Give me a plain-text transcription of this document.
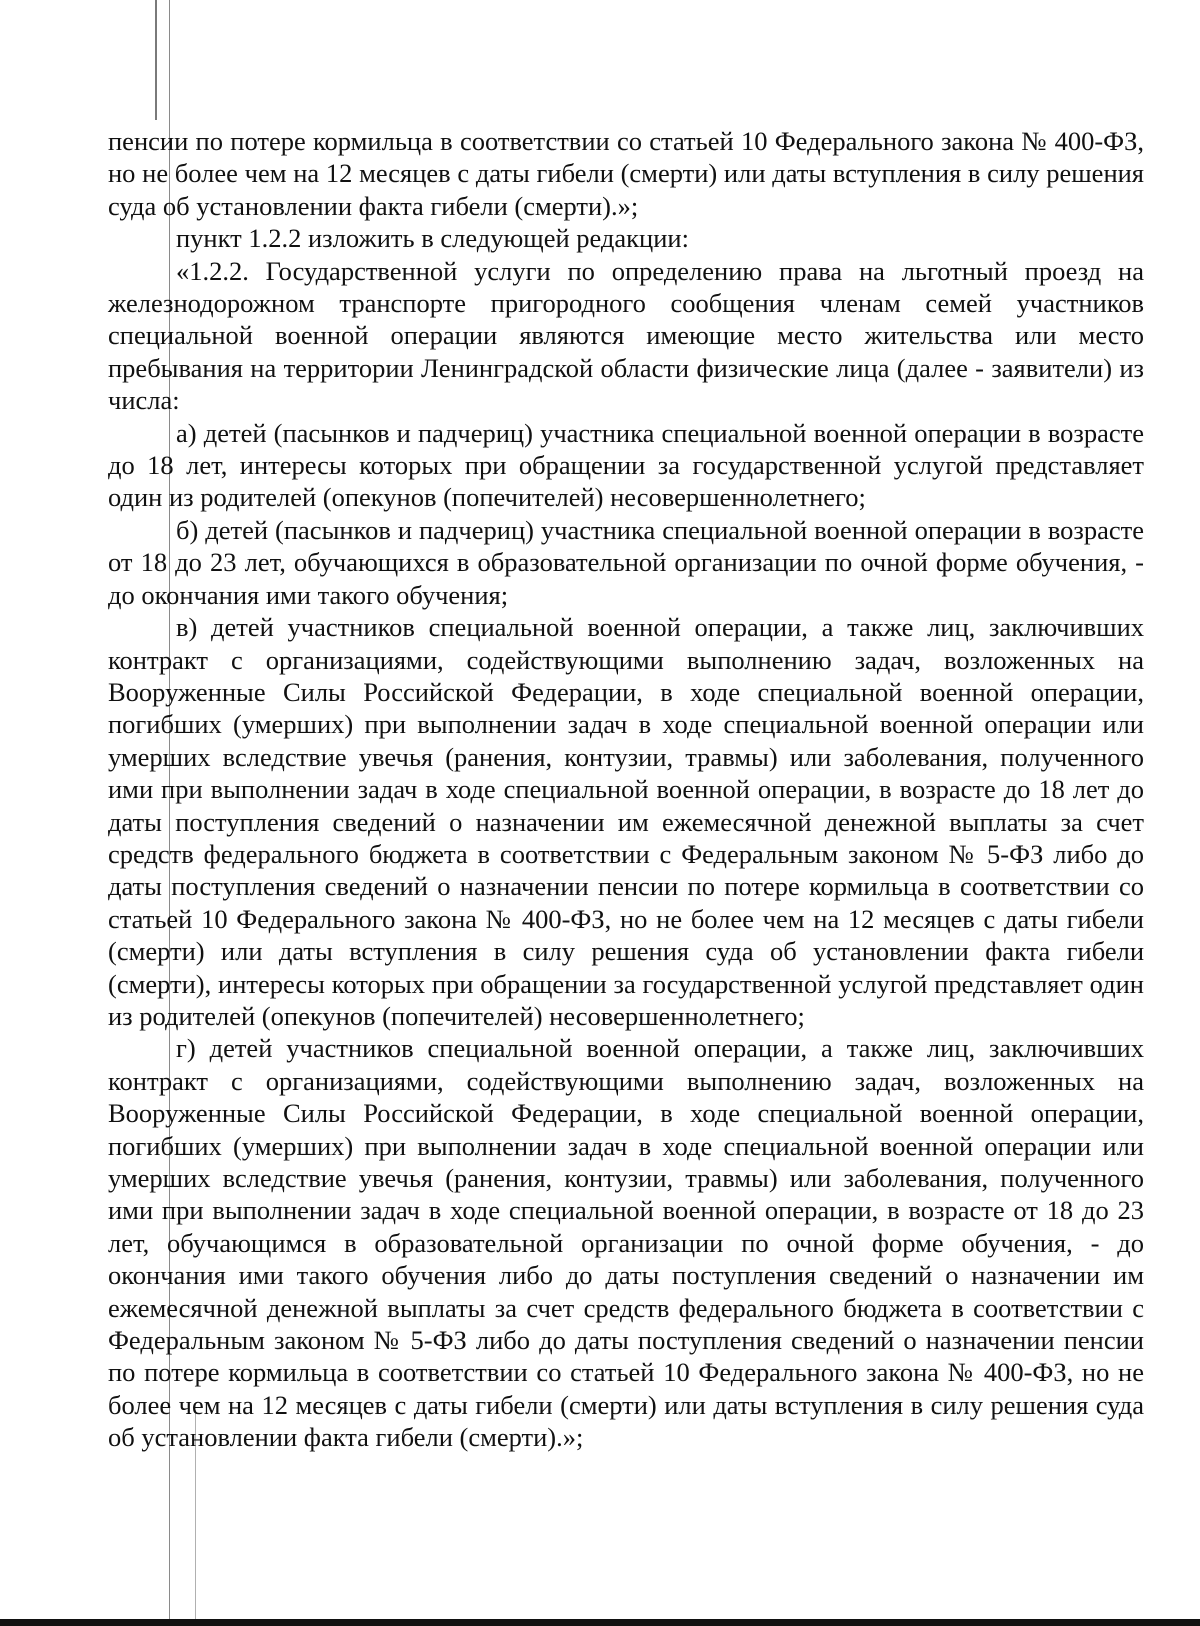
пенсии по потере кормильца в соответствии со статьей 10 Федерального закона № 400-ФЗ, но не более чем на 12 месяцев с даты гибели (смерти) или даты вступления в силу решения суда об установлении факта гибели (смерти).»;

пункт 1.2.2 изложить в следующей редакции:

«1.2.2. Государственной услуги по определению права на льготный проезд на железнодорожном транспорте пригородного сообщения членам семей участников специальной военной операции являются имеющие место жительства или место пребывания на территории Ленинградской области физические лица (далее - заявители) из числа:

а) детей (пасынков и падчериц) участника специальной военной операции в возрасте до 18 лет, интересы которых при обращении за государственной услугой представляет один из родителей (опекунов (попечителей) несовершеннолетнего;

б) детей (пасынков и падчериц) участника специальной военной операции в возрасте от 18 до 23 лет, обучающихся в образовательной организации по очной форме обучения, - до окончания ими такого обучения;

в) детей участников специальной военной операции, а также лиц, заключивших контракт с организациями, содействующими выполнению задач, возложенных на Вооруженные Силы Российской Федерации, в ходе специальной военной операции, погибших (умерших) при выполнении задач в ходе специальной военной операции или умерших вследствие увечья (ранения, контузии, травмы) или заболевания, полученного ими при выполнении задач в ходе специальной военной операции, в возрасте до 18 лет до даты поступления сведений о назначении им ежемесячной денежной выплаты за счет средств федерального бюджета в соответствии с Федеральным законом № 5-ФЗ либо до даты поступления сведений о назначении пенсии по потере кормильца в соответствии со статьей 10 Федерального закона № 400-ФЗ, но не более чем на 12 месяцев с даты гибели (смерти) или даты вступления в силу решения суда об установлении факта гибели (смерти), интересы которых при обращении за государственной услугой представляет один из родителей (опекунов (попечителей) несовершеннолетнего;

г) детей участников специальной военной операции, а также лиц, заключивших контракт с организациями, содействующими выполнению задач, возложенных на Вооруженные Силы Российской Федерации, в ходе специальной военной операции, погибших (умерших) при выполнении задач в ходе специальной военной операции или умерших вследствие увечья (ранения, контузии, травмы) или заболевания, полученного ими при выполнении задач в ходе специальной военной операции, в возрасте от 18 до 23 лет, обучающимся в образовательной организации по очной форме обучения, - до окончания ими такого обучения либо до даты поступления сведений о назначении им ежемесячной денежной выплаты за счет средств федерального бюджета в соответствии с Федеральным законом № 5-ФЗ либо до даты поступления сведений о назначении пенсии по потере кормильца в соответствии со статьей 10 Федерального закона № 400-ФЗ, но не более чем на 12 месяцев с даты гибели (смерти) или даты вступления в силу решения суда об установлении факта гибели (смерти).»;
